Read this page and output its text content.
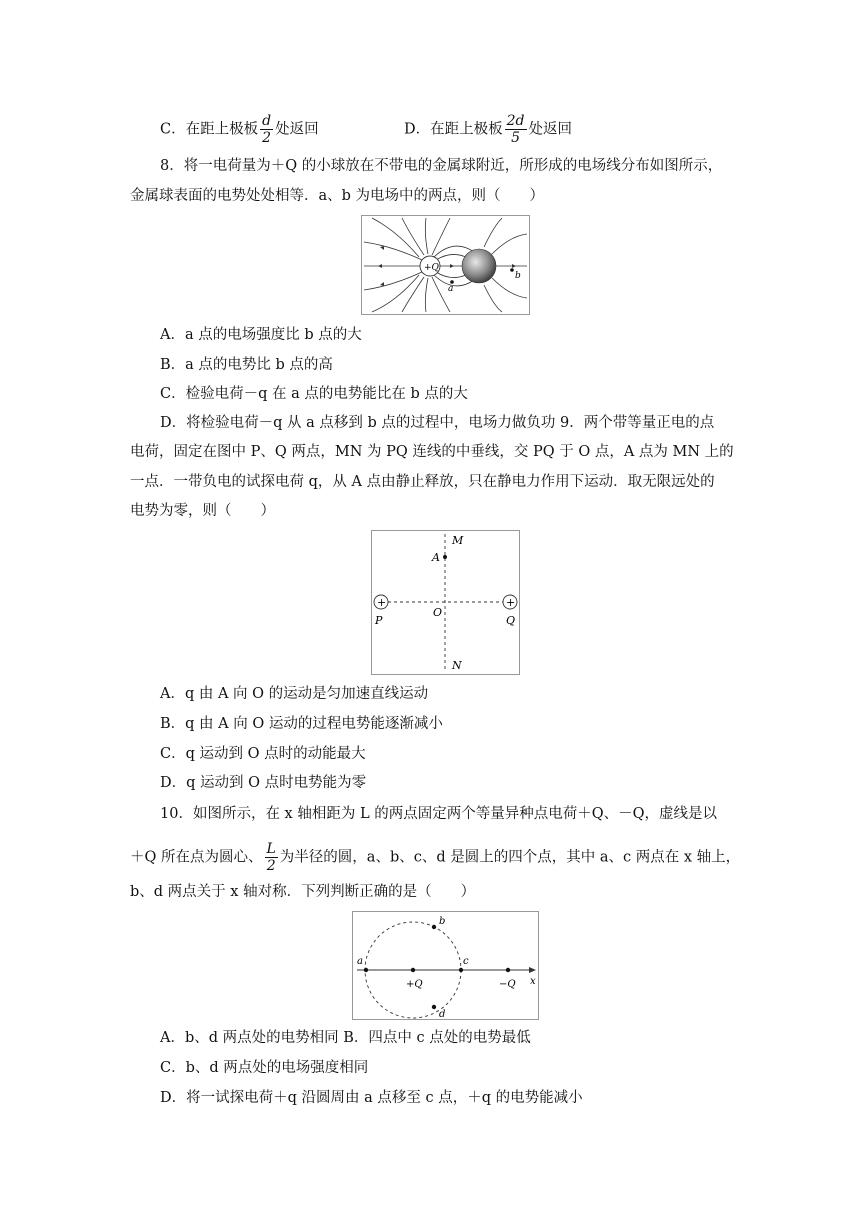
C．在距上极板 $\frac{d}{2}$ 处返回	D．在距上极板 $\frac{2d}{5}$ 处返回
8．将一电荷量为＋Q 的小球放在不带电的金属球附近，所形成的电场线分布如图所示，
金属球表面的电势处处相等．a、b 为电场中的两点，则（　　）
+Q
a
b
A．a 点的电场强度比 b 点的大
B．a 点的电势比 b 点的高
C．检验电荷－q 在 a 点的电势能比在 b 点的大
D．将检验电荷－q 从 a 点移到 b 点的过程中，电场力做负功 9．两个带等量正电的点
电荷，固定在图中 P、Q 两点，MN 为 PQ 连线的中垂线，交 PQ 于 O 点，A 点为 MN 上的
一点．一带负电的试探电荷 q，从 A 点由静止释放，只在静电力作用下运动．取无限远处的
电势为零，则（　　）
+	+
M
A
P
O
Q
N
A．q 由 A 向 O 的运动是匀加速直线运动
B．q 由 A 向 O 运动的过程电势能逐渐减小
C．q 运动到 O 点时的动能最大
D．q 运动到 O 点时电势能为零
10．如图所示，在 x 轴相距为 L 的两点固定两个等量异种点电荷＋Q、－Q，虚线是以
＋Q 所在点为圆心、 $\frac{L}{2}$ 为半径的圆，a、b、c、d 是圆上的四个点，其中 a、c 两点在 x 轴上，
b、d 两点关于 x 轴对称．下列判断正确的是（　　）
a
b
c
d
+Q	−Q x
A．b、d 两点处的电势相同 B．四点中 c 点处的电势最低
C．b、d 两点处的电场强度相同
D．将一试探电荷＋q 沿圆周由 a 点移至 c 点，＋q 的电势能减小
